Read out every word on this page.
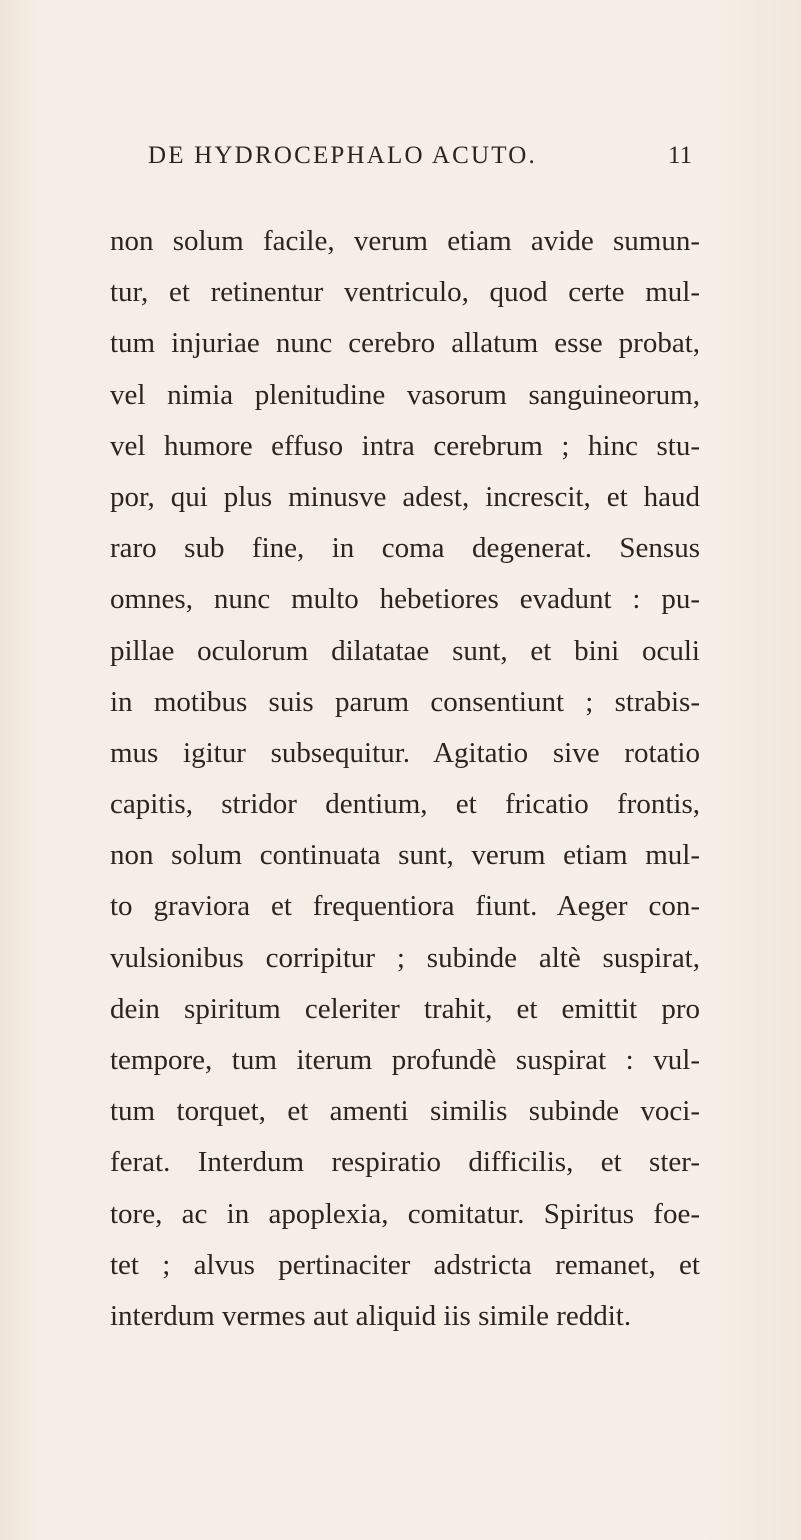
DE HYDROCEPHALO ACUTO.	11
non solum facile, verum etiam avide sumun-
tur, et retinentur ventriculo, quod certe mul-
tum injuriae nunc cerebro allatum esse probat,
vel nimia plenitudine vasorum sanguineorum,
vel humore effuso intra cerebrum ; hinc stu-
por, qui plus minusve adest, increscit, et haud
raro sub fine, in coma degenerat. Sensus
omnes, nunc multo hebetiores evadunt : pu-
pillae oculorum dilatatae sunt, et bini oculi
in motibus suis parum consentiunt ; strabis-
mus igitur subsequitur. Agitatio sive rotatio
capitis, stridor dentium, et fricatio frontis,
non solum continuata sunt, verum etiam mul-
to graviora et frequentiora fiunt. Aeger con-
vulsionibus corripitur ; subinde altè suspirat,
dein spiritum celeriter trahit, et emittit pro
tempore, tum iterum profundè suspirat : vul-
tum torquet, et amenti similis subinde voci-
ferat. Interdum respiratio difficilis, et ster-
tore, ac in apoplexia, comitatur. Spiritus foe-
tet ; alvus pertinaciter adstricta remanet, et
interdum vermes aut aliquid iis simile reddit.
